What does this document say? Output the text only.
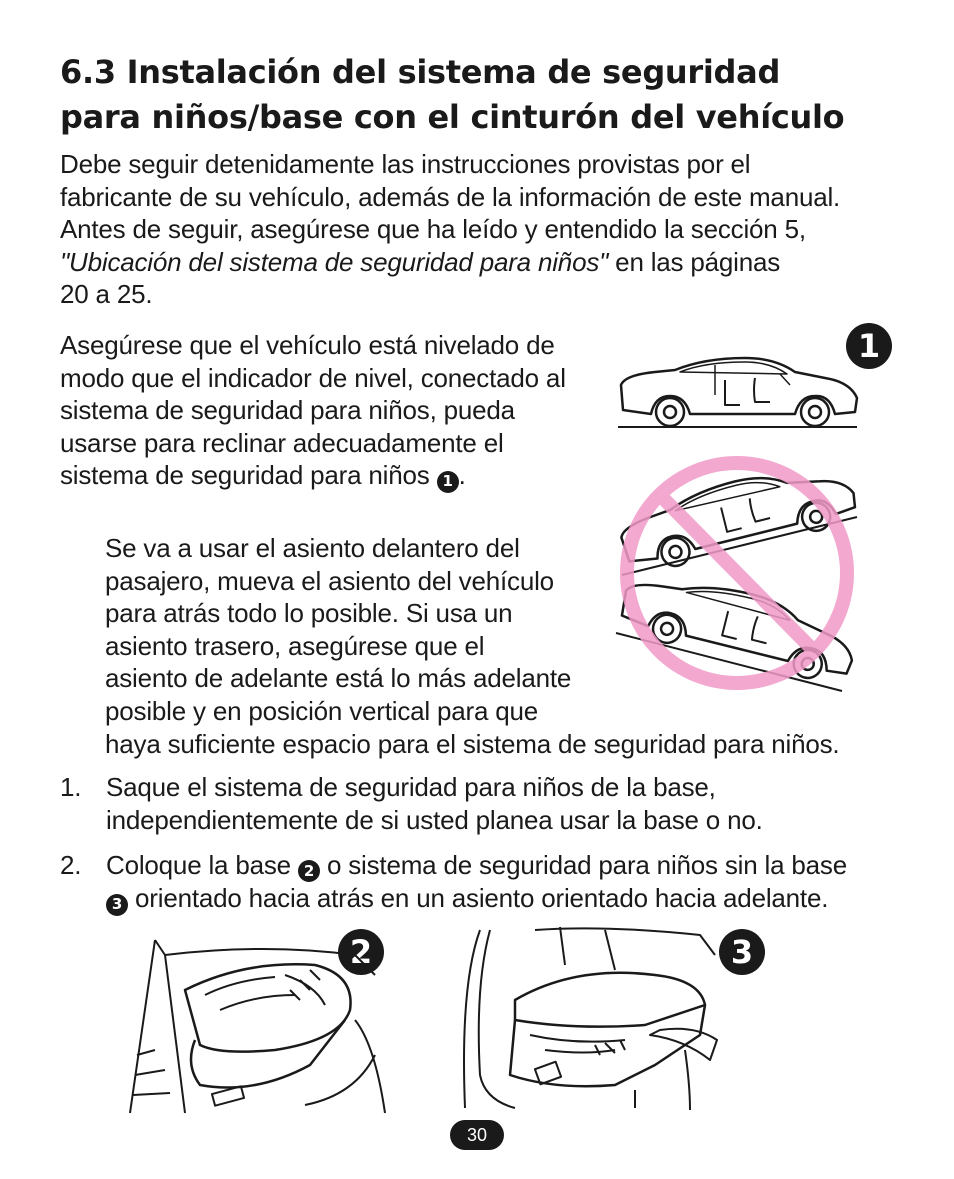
6.3 Instalación del sistema de seguridad
para niños/base con el cinturón del vehículo
Debe seguir detenidamente las instrucciones provistas por el
fabricante de su vehículo, además de la información de este manual.
Antes de seguir, asegúrese que ha leído y entendido la sección 5,
"Ubicación del sistema de seguridad para niños" en las páginas
20 a 25.
Asegúrese que el vehículo está nivelado de
modo que el indicador de nivel, conectado al
sistema de seguridad para niños, pueda
usarse para reclinar adecuadamente el
sistema de seguridad para niños 1 .
Se va a usar el asiento delantero del
pasajero, mueva el asiento del vehículo
para atrás todo lo posible. Si usa un
asiento trasero, asegúrese que el
asiento de adelante está lo más adelante
posible y en posición vertical para que
haya suficiente espacio para el sistema de seguridad para niños.
1. Saque el sistema de seguridad para niños de la base,
independientemente de si usted planea usar la base o no.
2. Coloque la base 2 o sistema de seguridad para niños sin la base
3 orientado hacia atrás en un asiento orientado hacia adelante.
1
2	3
30
